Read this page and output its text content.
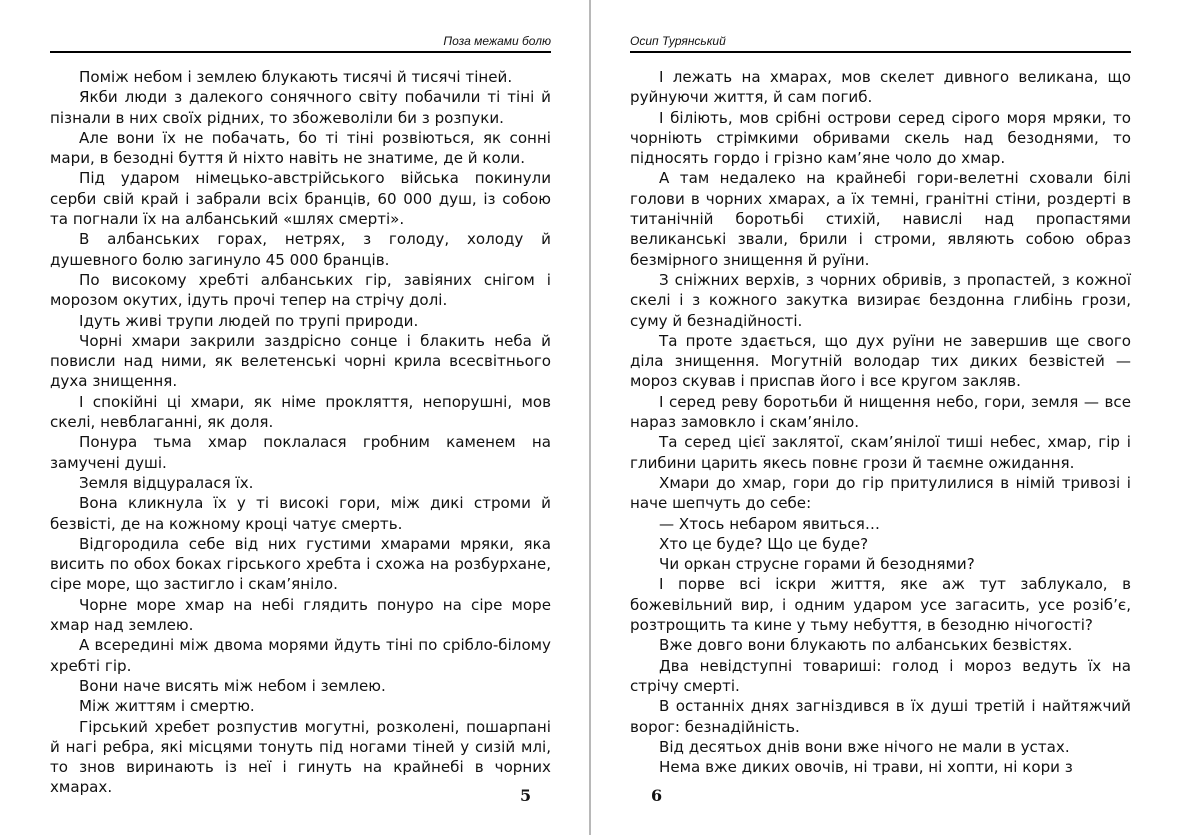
Поза межами болю

Поміж небом і землею блукають тисячі й тисячі тіней.

Якби люди з далекого сонячного світу побачили ті тіні й пізнали в них своїх рідних, то збожеволіли би з розпуки.

Але вони їх не побачать, бо ті тіні розвіються, як сонні мари, в безодні буття й ніхто навіть не знатиме, де й коли.

Під ударом німецько-австрійського війська покинули серби свій край і забрали всіх бранців, 60 000 душ, із собою та погнали їх на албанський «шлях смерті».

В албанських горах, нетрях, з голоду, холоду й душевного болю загинуло 45 000 бранців.

По високому хребті албанських гір, завіяних снігом і морозом окутих, ідуть прочі тепер на стрічу долі.

Ідуть живі трупи людей по трупі природи.

Чорні хмари закрили заздрісно сонце і блакить неба й повисли над ними, як велетенські чорні крила всесвітнього духа знищення.

І спокійні ці хмари, як німе прокляття, непорушні, мов скелі, невблаганні, як доля.

Понура тьма хмар поклалася гробним каменем на замучені душі.

Земля відцуралася їх.

Вона кликнула їх у ті високі гори, між дикі строми й безвісті, де на кожному кроці чатує смерть.

Відгородила себе від них густими хмарами мряки, яка висить по обох боках гірського хребта і схожа на розбурхане, сіре море, що застигло і скам’яніло.

Чорне море хмар на небі глядить понуро на сіре море хмар над землею.

А всередині між двома морями йдуть тіні по срібло-білому хребті гір.

Вони наче висять між небом і землею.

Між життям і смертю.

Гірський хребет розпустив могутні, розколені, пошарпані й нагі ребра, які місцями тонуть під ногами тіней у сизій млі, то знов виринають із неї і гинуть на крайнебі в чорних хмарах.	5
Осип Турянський

І лежать на хмарах, мов скелет дивного великана, що руйнуючи життя, й сам погиб.

І біліють, мов срібні острови серед сірого моря мряки, то чорніють стрімкими обривами скель над безоднями, то підносять гордо і грізно кам’яне чоло до хмар.

А там недалеко на крайнебі гори-велетні сховали білі голови в чорних хмарах, а їх темні, гранітні стіни, роздерті в титанічній боротьбі стихій, навислі над пропастями великанські звали, брили і строми, являють собою образ безмірного знищення й руїни.

З сніжних верхів, з чорних обривів, з пропастей, з кожної скелі і з кожного закутка визирає бездонна глибінь грози, суму й безнадійності.

Та проте здається, що дух руїни не завершив ще свого діла знищення. Могутній володар тих диких безвістей — мороз скував і приспав його і все кругом закляв.

І серед реву боротьби й нищення небо, гори, земля — все нараз замовкло і скам’яніло.

Та серед цієї заклятої, скам’янілої тиші небес, хмар, гір і глибини царить якесь повнє грози й таємне ожидання.

Хмари до хмар, гори до гір притулилися в німій тривозі і наче шепчуть до себе:

— Хтось небаром явиться…

Хто це буде? Що це буде?

Чи оркан струсне горами й безоднями?

І порве всі іскри життя, яке аж тут заблукало, в божевільний вир, і одним ударом усе загасить, усе розіб’є, розтрощить та кине у тьму небуття, в безодню нічогості?

Вже довго вони блукають по албанських безвістях.

Два невідступні товариші: голод і мороз ведуть їх на стрічу смерті.

В останніх днях загніздився в їх душі третій і найтяжчий ворог: безнадійність.

Від десятьох днів вони вже нічого не мали в устах.

Нема вже диких овочів, ні трави, ні хопти, ні кори з

6
